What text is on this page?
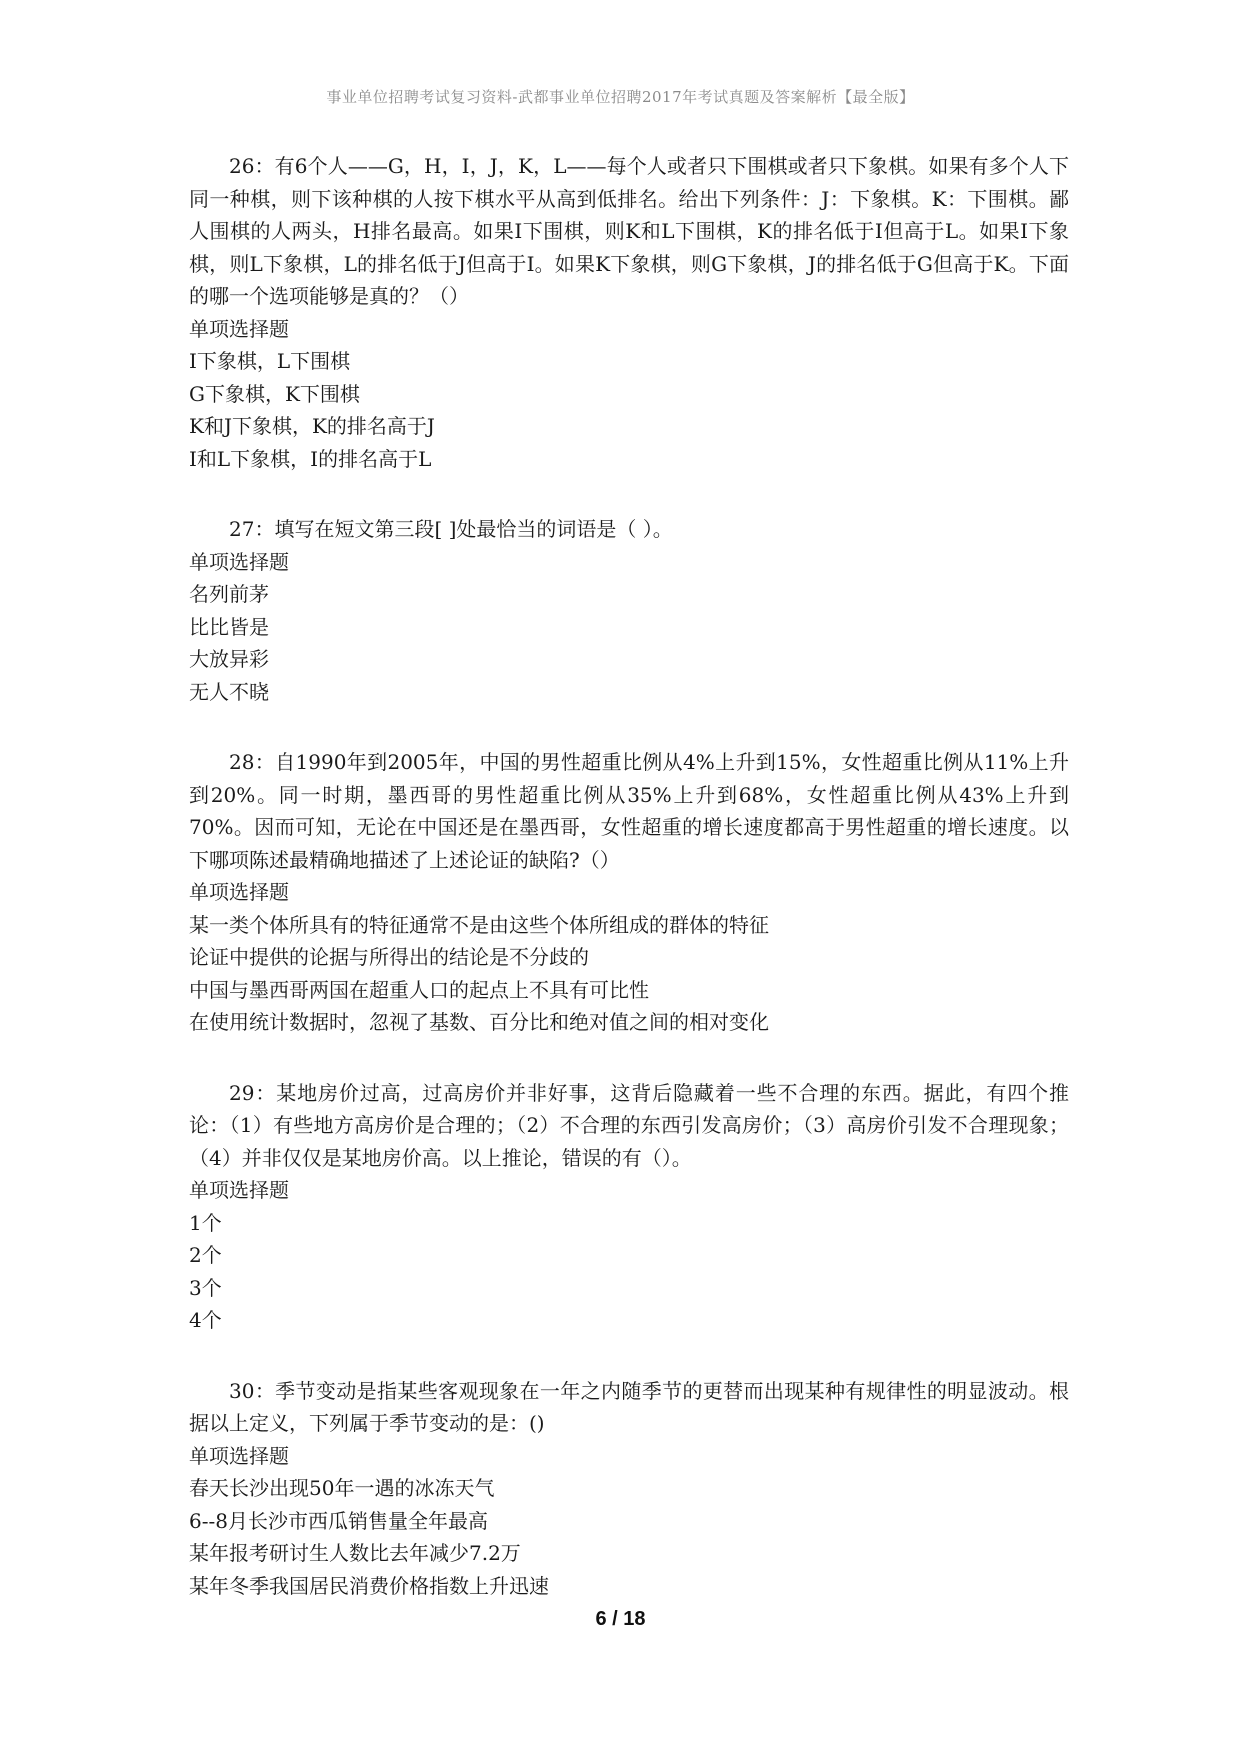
事业单位招聘考试复习资料-武都事业单位招聘2017年考试真题及答案解析【最全版】

26：有6个人——G，H，I，J，K，L——每个人或者只下围棋或者只下象棋。如果有多个人下同一种棋，则下该种棋的人按下棋水平从高到低排名。给出下列条件：J：下象棋。K：下围棋。鄙人围棋的人两头，H排名最高。如果I下围棋，则K和L下围棋，K的排名低于I但高于L。如果I下象棋，则L下象棋，L的排名低于J但高于I。如果K下象棋，则G下象棋，J的排名低于G但高于K。下面的哪一个选项能够是真的？（）

单项选择题

I下象棋，L下围棋

G下象棋，K下围棋

K和J下象棋，K的排名高于J

I和L下象棋，I的排名高于L

27：填写在短文第三段[ ]处最恰当的词语是（ ）。

单项选择题

名列前茅

比比皆是

大放异彩

无人不晓

28：自1990年到2005年，中国的男性超重比例从4%上升到15%，女性超重比例从11%上升到20%。同一时期，墨西哥的男性超重比例从35%上升到68%，女性超重比例从43%上升到70%。因而可知，无论在中国还是在墨西哥，女性超重的增长速度都高于男性超重的增长速度。以下哪项陈述最精确地描述了上述论证的缺陷?（）

单项选择题

某一类个体所具有的特征通常不是由这些个体所组成的群体的特征

论证中提供的论据与所得出的结论是不分歧的

中国与墨西哥两国在超重人口的起点上不具有可比性

在使用统计数据时，忽视了基数、百分比和绝对值之间的相对变化

29：某地房价过高，过高房价并非好事，这背后隐藏着一些不合理的东西。据此，有四个推论：（1）有些地方高房价是合理的；（2）不合理的东西引发高房价；（3）高房价引发不合理现象；（4）并非仅仅是某地房价高。以上推论，错误的有（）。

单项选择题

1个

2个

3个

4个

30：季节变动是指某些客观现象在一年之内随季节的更替而出现某种有规律性的明显波动。根据以上定义，下列属于季节变动的是：()

单项选择题

春天长沙出现50年一遇的冰冻天气

6--8月长沙市西瓜销售量全年最高

某年报考研讨生人数比去年减少7.2万

某年冬季我国居民消费价格指数上升迅速

6 / 18
